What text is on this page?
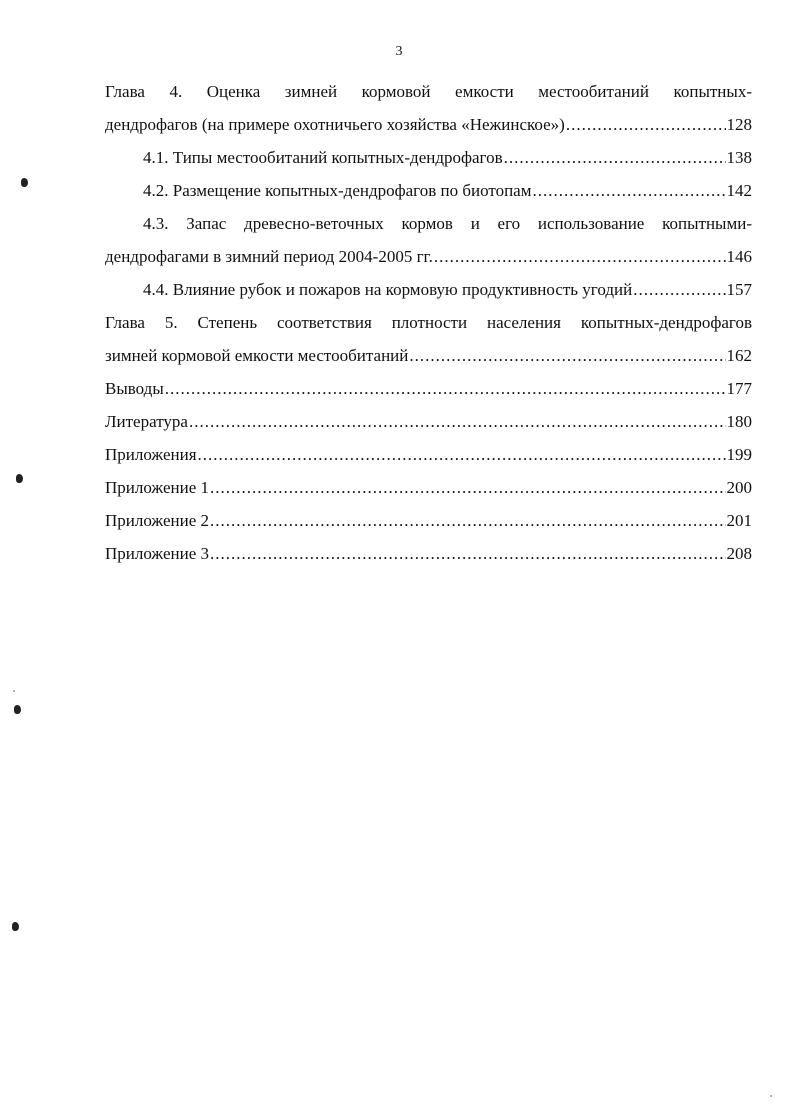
3
Глава 4. Оценка зимней кормовой емкости местообитаний копытных-
дендрофагов (на примере охотничьего хозяйства «Нежинское») .....	128
4.1. Типы местообитаний копытных-дендрофагов .....	138
4.2. Размещение копытных-дендрофагов по биотопам .....	142
4.3. Запас древесно-веточных кормов и его использование копытными-
дендрофагами в зимний период 2004-2005 гг. .....	146
4.4. Влияние рубок и пожаров на кормовую продуктивность угодий .....	157
Глава 5. Степень соответствия плотности населения копытных-дендрофагов
зимней кормовой емкости местообитаний .....	162
Выводы .....	177
Литература .....	180
Приложения .....	199
Приложение 1 .....	200
Приложение 2 .....	201
Приложение 3 .....	208
